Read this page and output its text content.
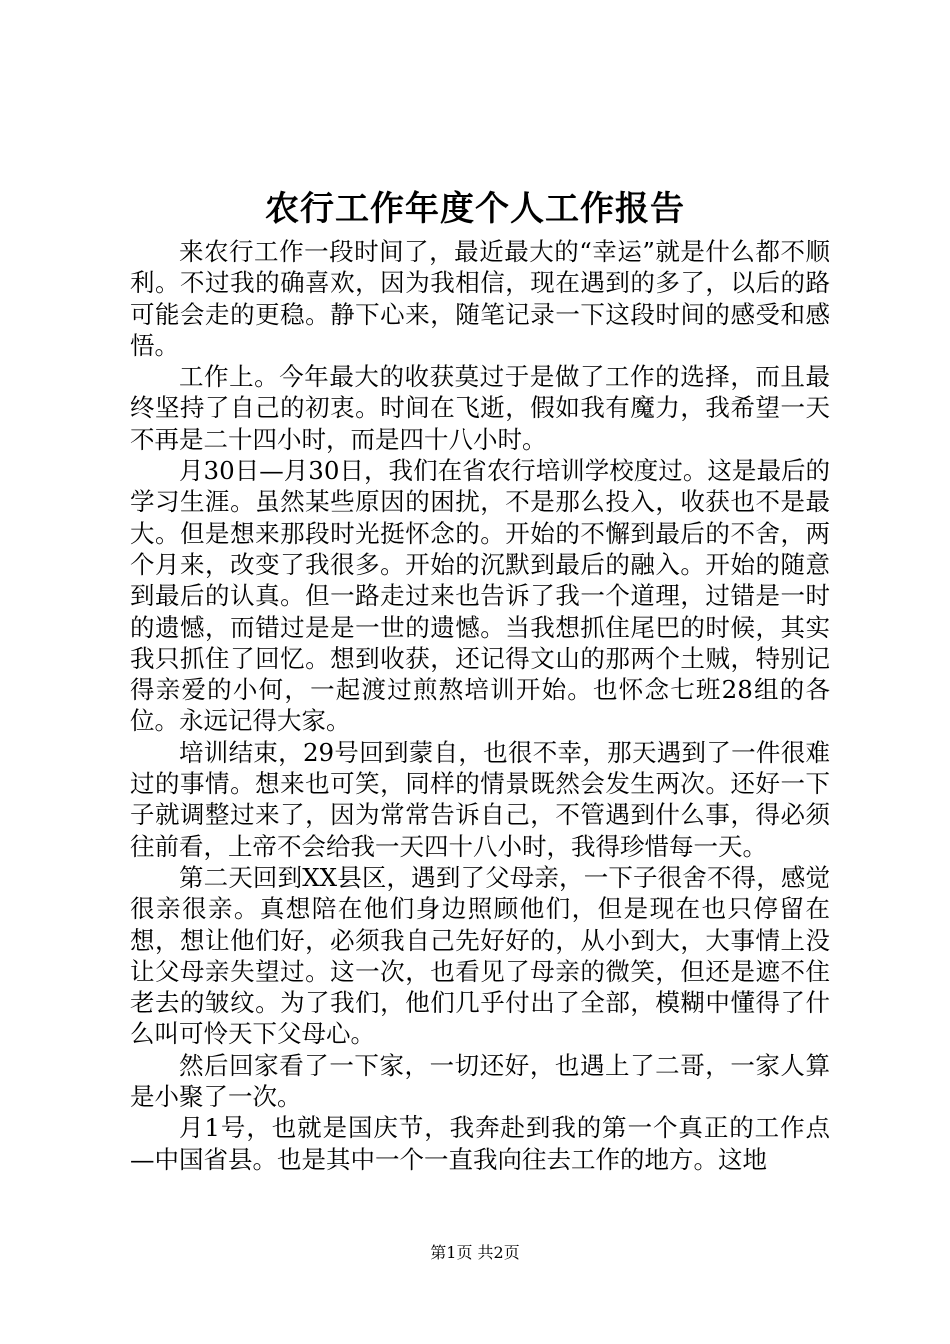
农行工作年度个人工作报告

来农行工作一段时间了，最近最大的“幸运”就是什么都不顺利。不过我的确喜欢，因为我相信，现在遇到的多了，以后的路可能会走的更稳。静下心来，随笔记录一下这段时间的感受和感悟。

工作上。今年最大的收获莫过于是做了工作的选择，而且最终坚持了自己的初衷。时间在飞逝，假如我有魔力，我希望一天不再是二十四小时，而是四十八小时。

月30日—月30日，我们在省农行培训学校度过。这是最后的学习生涯。虽然某些原因的困扰，不是那么投入，收获也不是最大。但是想来那段时光挺怀念的。开始的不懈到最后的不舍，两个月来，改变了我很多。开始的沉默到最后的融入。开始的随意到最后的认真。但一路走过来也告诉了我一个道理，过错是一时的遗憾，而错过是是一世的遗憾。当我想抓住尾巴的时候，其实我只抓住了回忆。想到收获，还记得文山的那两个土贼，特别记得亲爱的小何，一起渡过煎熬培训开始。也怀念七班28组的各位。永远记得大家。

培训结束，29号回到蒙自，也很不幸，那天遇到了一件很难过的事情。想来也可笑，同样的情景既然会发生两次。还好一下子就调整过来了，因为常常告诉自己，不管遇到什么事，得必须往前看，上帝不会给我一天四十八小时，我得珍惜每一天。

第二天回到XX县区，遇到了父母亲，一下子很舍不得，感觉很亲很亲。真想陪在他们身边照顾他们，但是现在也只停留在想，想让他们好，必须我自己先好好的，从小到大，大事情上没让父母亲失望过。这一次，也看见了母亲的微笑，但还是遮不住老去的皱纹。为了我们，他们几乎付出了全部，模糊中懂得了什么叫可怜天下父母心。

然后回家看了一下家，一切还好，也遇上了二哥，一家人算是小聚了一次。

月1号，也就是国庆节，我奔赴到我的第一个真正的工作点—中国省县。也是其中一个一直我向往去工作的地方。这地

第1页 共2页
